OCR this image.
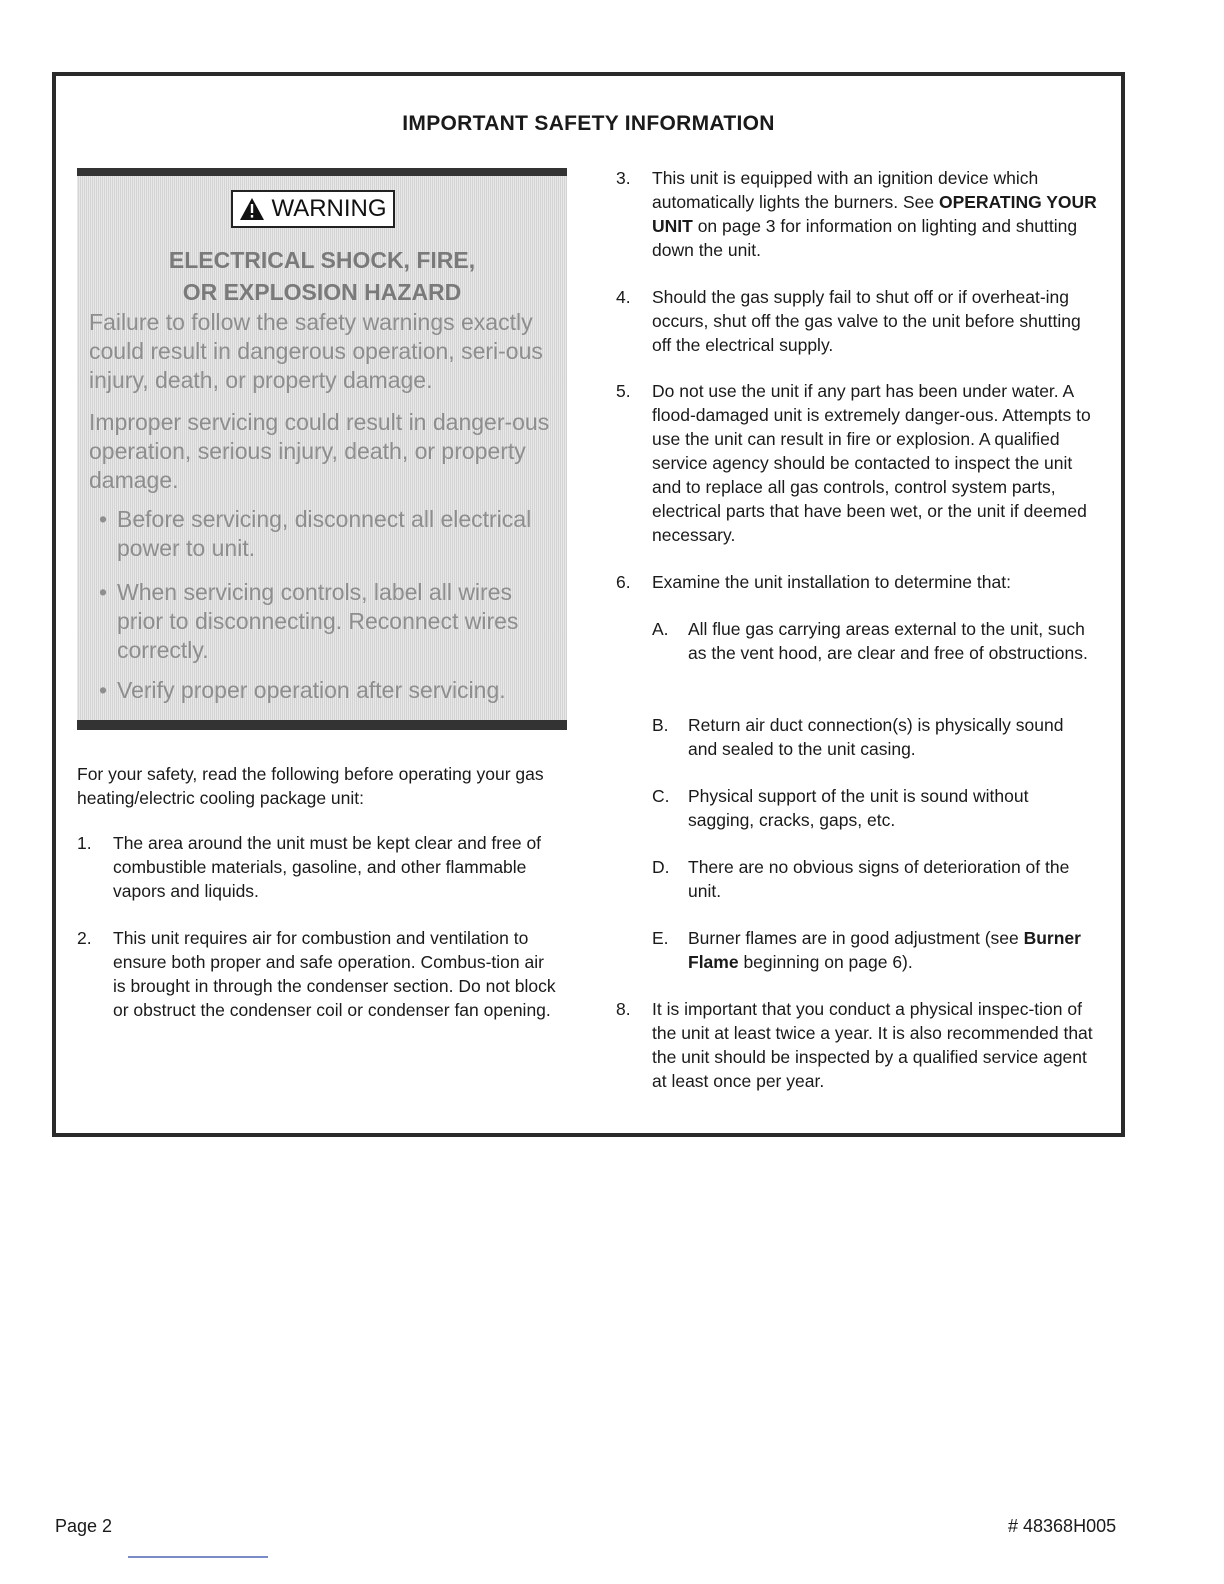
IMPORTANT SAFETY INFORMATION
WARNING

ELECTRICAL SHOCK, FIRE,
OR EXPLOSION HAZARD

Failure to follow the safety warnings exactly could result in dangerous operation, seri-ous injury, death, or property damage.

Improper servicing could result in danger-ous operation, serious injury, death, or property damage.

• Before servicing, disconnect all electrical power to unit.
• When servicing controls, label all wires prior to disconnecting. Reconnect wires correctly.
• Verify proper operation after servicing.

For your safety, read the following before operating your gas heating/electric cooling package unit:

1.	The area around the unit must be kept clear and free of combustible materials, gasoline, and other flammable vapors and liquids.
2.	This unit requires air for combustion and ventilation to ensure both proper and safe operation. Combus-tion air is brought in through the condenser section. Do not block or obstruct the condenser coil or condenser fan opening.
3.	This unit is equipped with an ignition device which automatically lights the burners. See OPERATING YOUR UNIT on page 3 for information on lighting and shutting down the unit.
4.	Should the gas supply fail to shut off or if overheat-ing occurs, shut off the gas valve to the unit before shutting off the electrical supply.
5.	Do not use the unit if any part has been under water. A flood-damaged unit is extremely danger-ous. Attempts to use the unit can result in fire or explosion. A qualified service agency should be contacted to inspect the unit and to replace all gas controls, control system parts, electrical parts that have been wet, or the unit if deemed necessary.
6.	Examine the unit installation to determine that:
A.	All flue gas carrying areas external to the unit, such as the vent hood, are clear and free of obstructions.
B.	Return air duct connection(s) is physically sound and sealed to the unit casing.
C.	Physical support of the unit is sound without sagging, cracks, gaps, etc.
D.	There are no obvious signs of deterioration of the unit.
E.	Burner flames are in good adjustment (see Burner Flame beginning on page 6).
8.	It is important that you conduct a physical inspec-tion of the unit at least twice a year. It is also recommended that the unit should be inspected by a qualified service agent at least once per year.
Page 2	# 48368H005
